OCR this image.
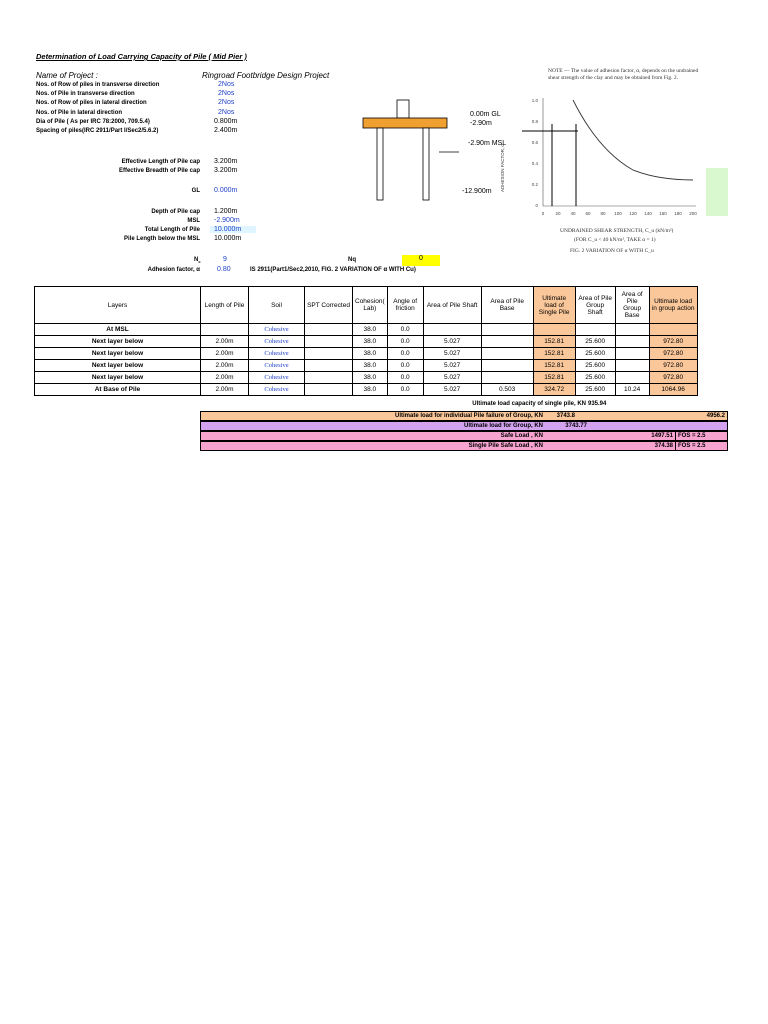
Determination of Load Carrying Capacity of Pile ( Mid Pier )
Name of Project :	Ringroad Footbridge Design Project
Nos. of Row of piles in transverse direction	2Nos
Nos. of Pile in transverse direction	2Nos
Nos. of Row of piles in lateral direction	2Nos
Nos. of Pile in lateral direction	2Nos
Dia of Pile ( As per IRC 78:2000, 709.5.4)	0.800m
Spacing of piles(IRC 2911/Part I/Sec2/5.6.2)	2.400m
Effective Length of Pile cap 3.200m
Effective Breadth of Pile cap 3.200m
GL 0.000m
Depth of Pile cap 1.200m
MSL -2.900m
Total Length of Pile	10.000m
Pile Length below the MSL 10.000m
$N_c$	9	Nq	0
Adhesion factor, α 0.80	IS 2911(Part1/Sec2,2010, FIG. 2 VARIATION OF α WITH Cu)
0.00m GL
-2.90m
-2.90m MSL
-12.900m
NOTE — The value of adhesion factor, α, depends on the undrained shear strength of the clay and may be obtained from Fig. 2.
ADHESION FACTOR, α
1.0
0.8
0.6
0.4
0.2
0
0 20 40 60 80 100 120 140 160 180 200
UNDRAINED SHEAR STRENGTH, C_u (kN/m²)
(FOR C_u < 40 kN/m², TAKE α = 1)
FIG. 2 VARIATION OF α WITH C_u
Layers	Length of Pile	Soil	SPT Corrected	Cohesion( Lab)	Angle of friction	Area of Pile Shaft	Area of Pile Base	Ultimate load of Single Pile	Area of Pile Group Shaft	Area of Pile Group Base	Ultimate load in group action
At MSL		Cohesive		38.0	0.0						
Next layer below	2.00m	Cohesive		38.0	0.0	5.027		152.81	25.600		972.80
Next layer below	2.00m	Cohesive		38.0	0.0	5.027		152.81	25.600		972.80
Next layer below	2.00m	Cohesive		38.0	0.0	5.027		152.81	25.600		972.80
Next layer below	2.00m	Cohesive		38.0	0.0	5.027		152.81	25.600		972.80
At Base of Pile	2.00m	Cohesive		38.0	0.0	5.027	0.503	324.72	25.600	10.24	1064.96
Ultimate load capacity of single pile, KN 935.94
Ultimate load for individual Pile failure of Group, KN 3743.8	4956.2
Ultimate load for Group, KN	3743.77
Safe Load , KN	1497.51 FOS = 2.5
Single Pile Safe Load , KN	374.38 FOS = 2.5
